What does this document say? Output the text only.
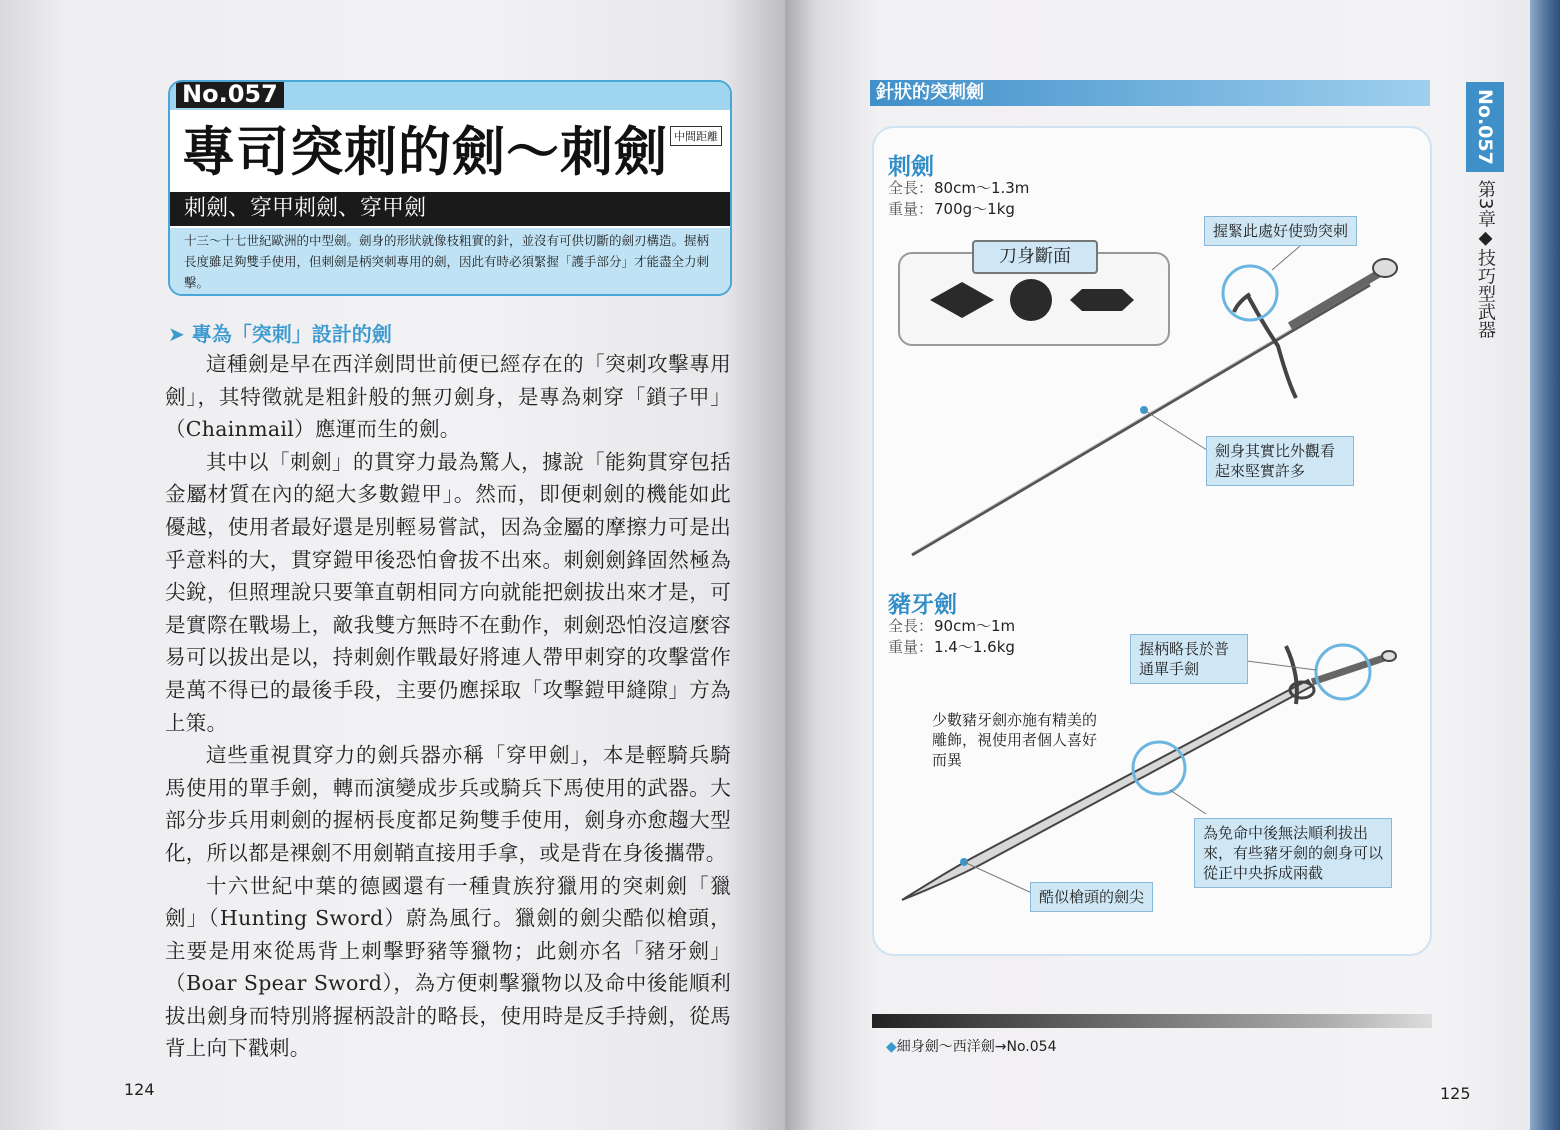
No.057
專司突刺的劍～刺劍 中間距離
刺劍、穿甲刺劍、穿甲劍
十三～十七世紀歐洲的中型劍。劍身的形狀就像枝粗實的針，並沒有可供切斷的劍刃構造。握柄長度雖足夠雙手使用，但刺劍是柄突刺專用的劍，因此有時必須緊握「護手部分」才能盡全力刺擊。
➤ 專為「突刺」設計的劍

這種劍是早在西洋劍問世前便已經存在的「突刺攻擊專用劍」，其特徵就是粗針般的無刃劍身，是專為刺穿「鎖子甲」（Chainmail）應運而生的劍。

其中以「刺劍」的貫穿力最為驚人，據說「能夠貫穿包括金屬材質在內的絕大多數鎧甲」。然而，即便刺劍的機能如此優越，使用者最好還是別輕易嘗試，因為金屬的摩擦力可是出乎意料的大，貫穿鎧甲後恐怕會拔不出來。刺劍劍鋒固然極為尖銳，但照理說只要筆直朝相同方向就能把劍拔出來才是，可是實際在戰場上，敵我雙方無時不在動作，刺劍恐怕沒這麼容易可以拔出是以，持刺劍作戰最好將連人帶甲刺穿的攻擊當作是萬不得已的最後手段，主要仍應採取「攻擊鎧甲縫隙」方為上策。

這些重視貫穿力的劍兵器亦稱「穿甲劍」，本是輕騎兵騎馬使用的單手劍，轉而演變成步兵或騎兵下馬使用的武器。大部分步兵用刺劍的握柄長度都足夠雙手使用，劍身亦愈趨大型化，所以都是裸劍不用劍鞘直接用手拿，或是背在身後攜帶。

十六世紀中葉的德國還有一種貴族狩獵用的突刺劍「獵劍」（Hunting Sword）蔚為風行。獵劍的劍尖酷似槍頭，主要是用來從馬背上刺擊野豬等獵物；此劍亦名「豬牙劍」（Boar Spear Sword），為方便刺擊獵物以及命中後能順利拔出劍身而特別將握柄設計的略長，使用時是反手持劍，從馬背上向下戳刺。

124
針狀的突刺劍
刺劍
全長：80cm～1.3m
重量：700g～1kg
刀身斷面
豬牙劍
全長：90cm～1m
重量：1.4～1.6kg
握緊此處好使勁突刺
劍身其實比外觀看起來堅實許多
握柄略長於普通單手劍
少數豬牙劍亦施有精美的雕飾，視使用者個人喜好而異
為免命中後無法順利拔出來，有些豬牙劍的劍身可以從正中央拆成兩截
酷似槍頭的劍尖
◆細身劍～西洋劍→No.054
No.057
第3章◆技巧型武器
125
